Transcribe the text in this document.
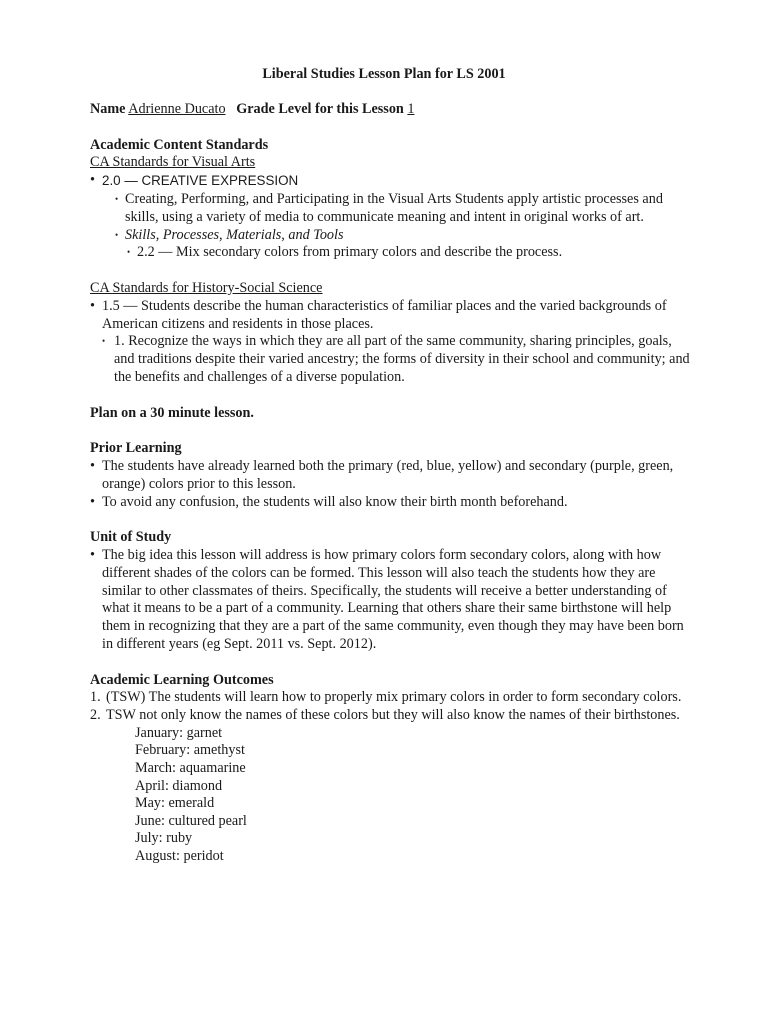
Liberal Studies Lesson Plan for LS 2001

Name Adrienne Ducato Grade Level for this Lesson 1

Academic Content Standards

CA Standards for Visual Arts

• 2.0 — CREATIVE EXPRESSION
• Creating, Performing, and Participating in the Visual Arts Students apply artistic processes and skills, using a variety of media to communicate meaning and intent in original works of art.
• Skills, Processes, Materials, and Tools
• 2.2 — Mix secondary colors from primary colors and describe the process.

CA Standards for History-Social Science

• 1.5 — Students describe the human characteristics of familiar places and the varied backgrounds of American citizens and residents in those places.
• 1. Recognize the ways in which they are all part of the same community, sharing principles, goals, and traditions despite their varied ancestry; the forms of diversity in their school and community; and the benefits and challenges of a diverse population.

Plan on a 30 minute lesson.

Prior Learning

• The students have already learned both the primary (red, blue, yellow) and secondary (purple, green, orange) colors prior to this lesson.
• To avoid any confusion, the students will also know their birth month beforehand.

Unit of Study

• The big idea this lesson will address is how primary colors form secondary colors, along with how different shades of the colors can be formed. This lesson will also teach the students how they are similar to other classmates of theirs. Specifically, the students will receive a better understanding of what it means to be a part of a community. Learning that others share their same birthstone will help them in recognizing that they are a part of the same community, even though they may have been born in different years (eg Sept. 2011 vs. Sept. 2012).

Academic Learning Outcomes

1. (TSW) The students will learn how to properly mix primary colors in order to form secondary colors.
2. TSW not only know the names of these colors but they will also know the names of their birthstones.
January: garnet
February: amethyst
March: aquamarine
April: diamond
May: emerald
June: cultured pearl
July: ruby
August: peridot
